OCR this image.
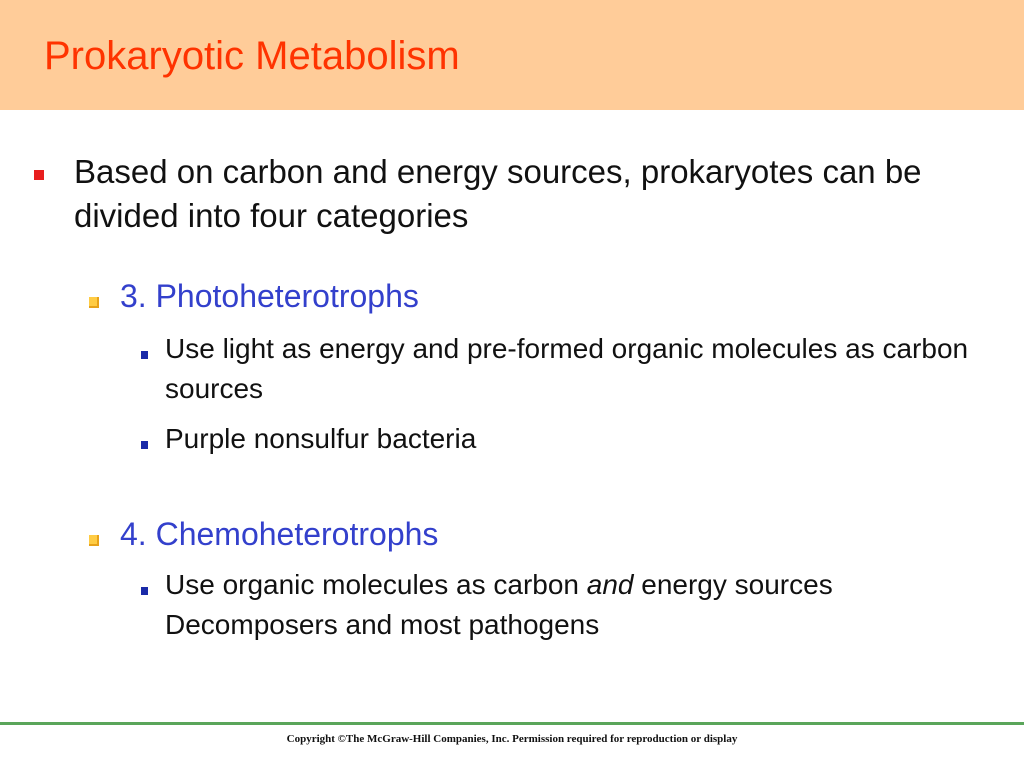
Prokaryotic Metabolism
Based on carbon and energy sources, prokaryotes can be divided into four categories
3. Photoheterotrophs
Use light as energy and pre-formed organic molecules as carbon sources
Purple nonsulfur bacteria
4. Chemoheterotrophs
Use organic molecules as carbon and energy sources
Decomposers and most pathogens
Copyright ©The McGraw-Hill Companies, Inc. Permission required for reproduction or display
